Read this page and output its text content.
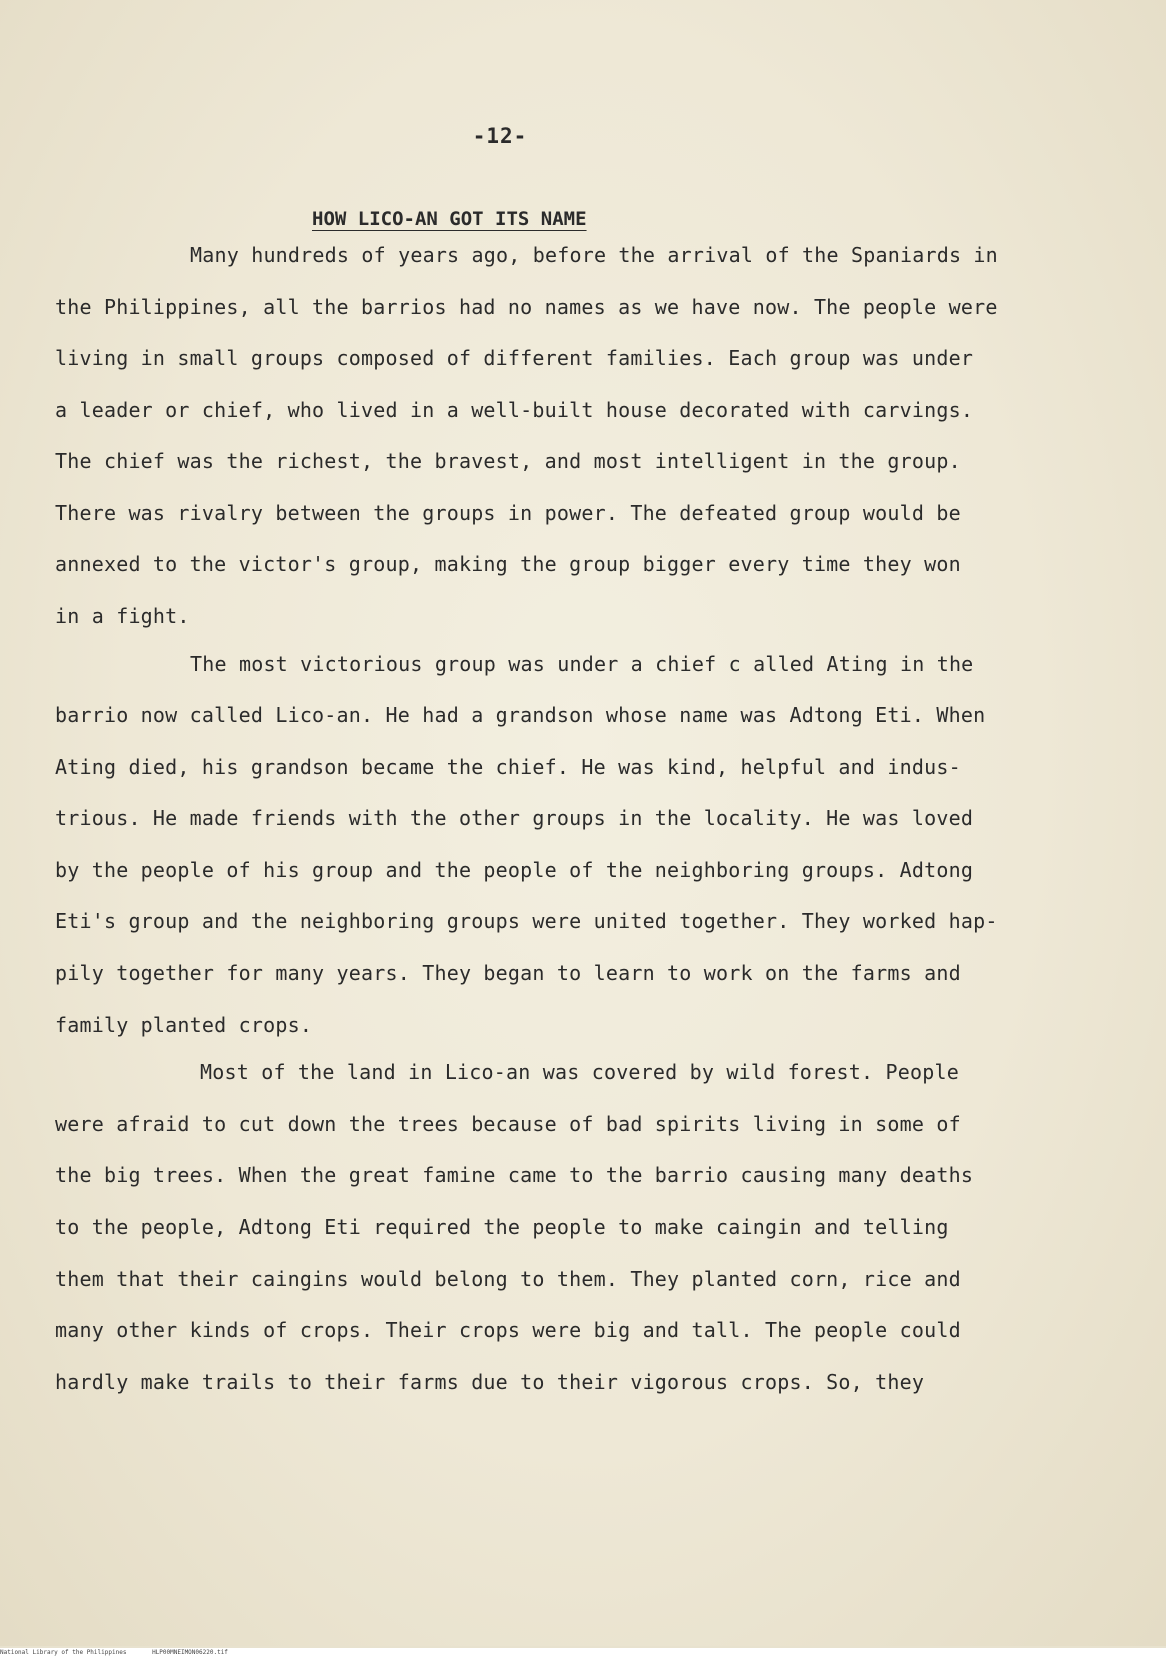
-12-
HOW LICO-AN GOT ITS NAME
Many hundreds of years ago, before the arrival of the Spaniards in
the Philippines, all the barrios had no names as we have now. The people were
living in small groups composed of different families. Each group was under
a leader or chief, who lived in a well-built house decorated with carvings.
The chief was the richest, the bravest, and most intelligent in the group.
There was rivalry between the groups in power. The defeated group would be
annexed to the victor's group, making the group bigger every time they won
in a fight.
The most victorious group was under a chief c alled Ating in the
barrio now called Lico-an. He had a grandson whose name was Adtong Eti. When
Ating died, his grandson became the chief. He was kind, helpful and indus-
trious. He made friends with the other groups in the locality. He was loved
by the people of his group and the people of the neighboring groups. Adtong
Eti's group and the neighboring groups were united together. They worked hap-
pily together for many years. They began to learn to work on the farms and
family planted crops.
Most of the land in Lico-an was covered by wild forest. People
were afraid to cut down the trees because of bad spirits living in some of
the big trees. When the great famine came to the barrio causing many deaths
to the people, Adtong Eti required the people to make caingin and telling
them that their caingins would belong to them. They planted corn, rice and
many other kinds of crops. Their crops were big and tall. The people could
hardly make trails to their farms due to their vigorous crops. So, they
National Library of the Philippines	HLP00MNEIMON06220.tif
